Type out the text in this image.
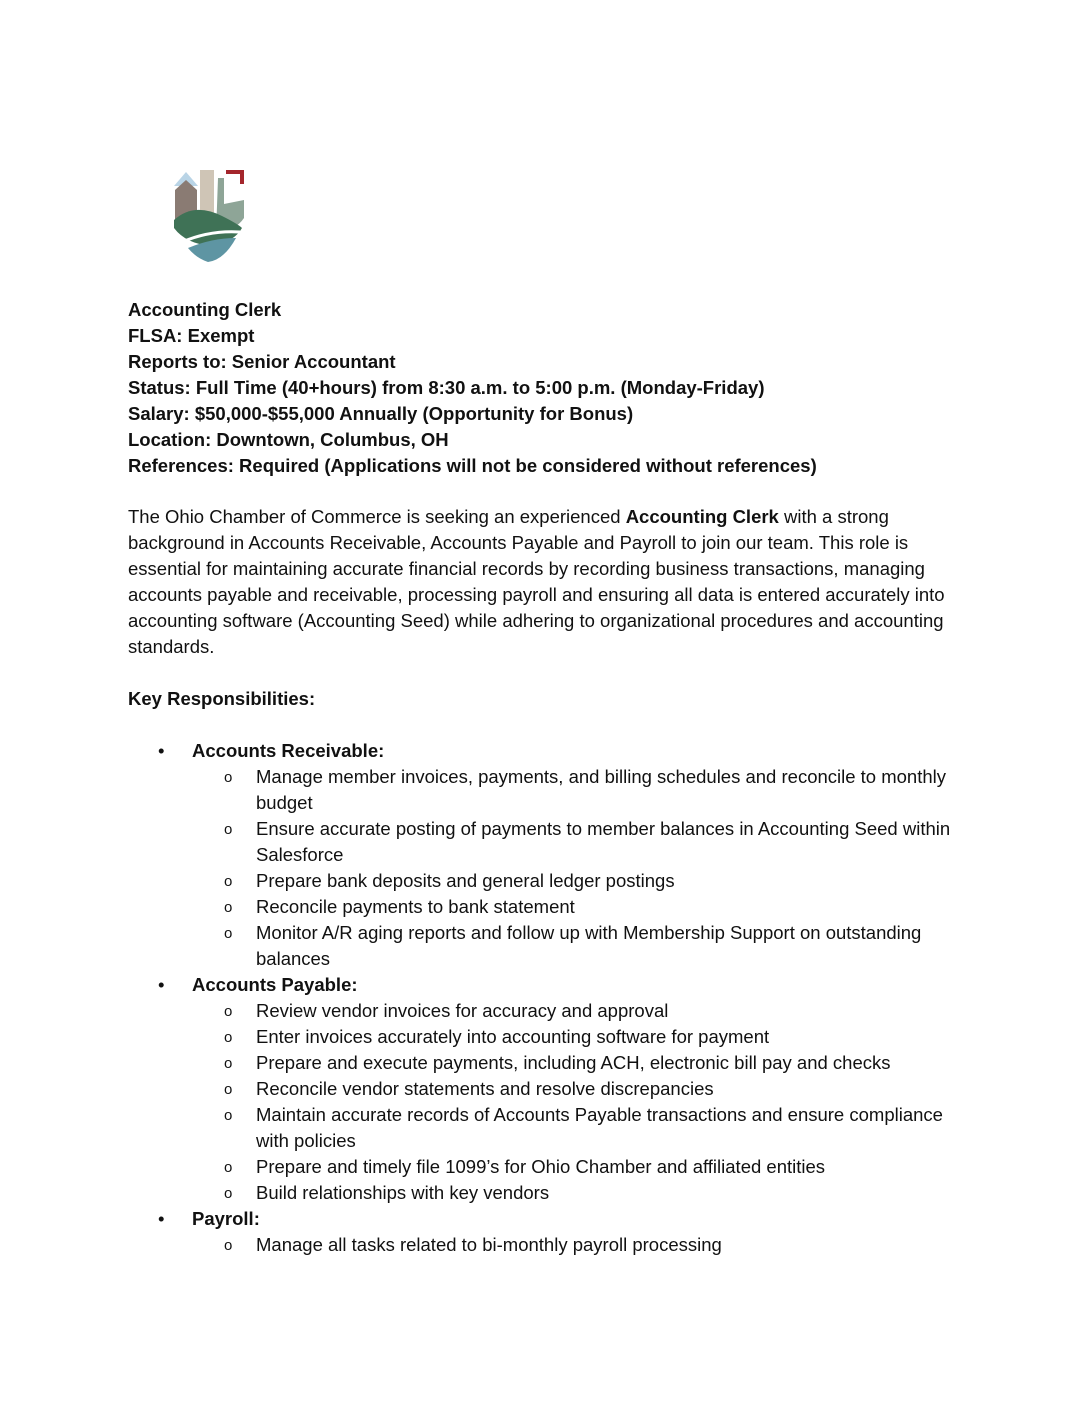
Accounting Clerk
FLSA: Exempt
Reports to: Senior Accountant
Status: Full Time (40+hours) from 8:30 a.m. to 5:00 p.m. (Monday-Friday)
Salary: $50,000-$55,000 Annually (Opportunity for Bonus)
Location: Downtown, Columbus, OH
References: Required (Applications will not be considered without references)

The Ohio Chamber of Commerce is seeking an experienced Accounting Clerk with a strong background in Accounts Receivable, Accounts Payable and Payroll to join our team. This role is essential for maintaining accurate financial records by recording business transactions, managing accounts payable and receivable, processing payroll and ensuring all data is entered accurately into accounting software (Accounting Seed) while adhering to organizational procedures and accounting standards.

Key Responsibilities:
• Accounts Receivable:
o Manage member invoices, payments, and billing schedules and reconcile to monthly budget
o Ensure accurate posting of payments to member balances in Accounting Seed within Salesforce
o Prepare bank deposits and general ledger postings
o Reconcile payments to bank statement
o Monitor A/R aging reports and follow up with Membership Support on outstanding balances
• Accounts Payable:
o Review vendor invoices for accuracy and approval
o Enter invoices accurately into accounting software for payment
o Prepare and execute payments, including ACH, electronic bill pay and checks
o Reconcile vendor statements and resolve discrepancies
o Maintain accurate records of Accounts Payable transactions and ensure compliance with policies
o Prepare and timely file 1099’s for Ohio Chamber and affiliated entities
o Build relationships with key vendors
• Payroll:
o Manage all tasks related to bi-monthly payroll processing
